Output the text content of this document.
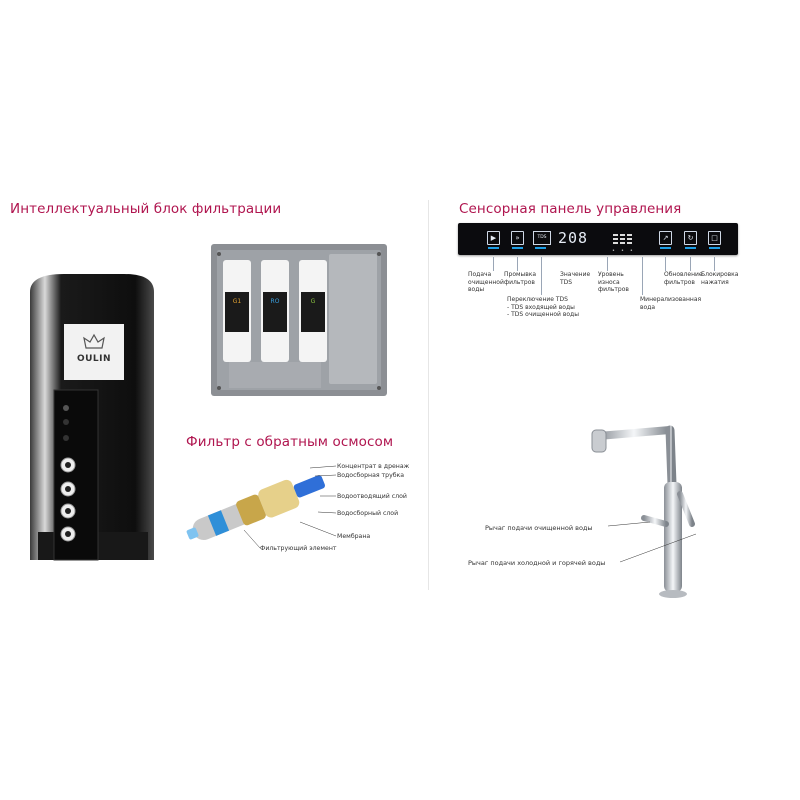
Интеллектуальный блок фильтрации	Сенсорная панель управления
Фильтр с обратным осмосом
OULIN
G1	RO	G
Концентрат в дренаж
Водосборная трубка
Водоотводящий слой
Водосборный слой
Мембрана
Фильтрующий элемент
▶	»	TDS 208
•••
↗	↻	□
Подача очищенной воды
Промывка фильтров
Значение TDS
Уровень износа фильтров
Обновление фильтров
Блокировка нажатия
Переключение TDS
- TDS входящей воды
- TDS очищенной воды
Минерализованная вода
Рычаг подачи очищенной воды
Рычаг подачи холодной и горячей воды
